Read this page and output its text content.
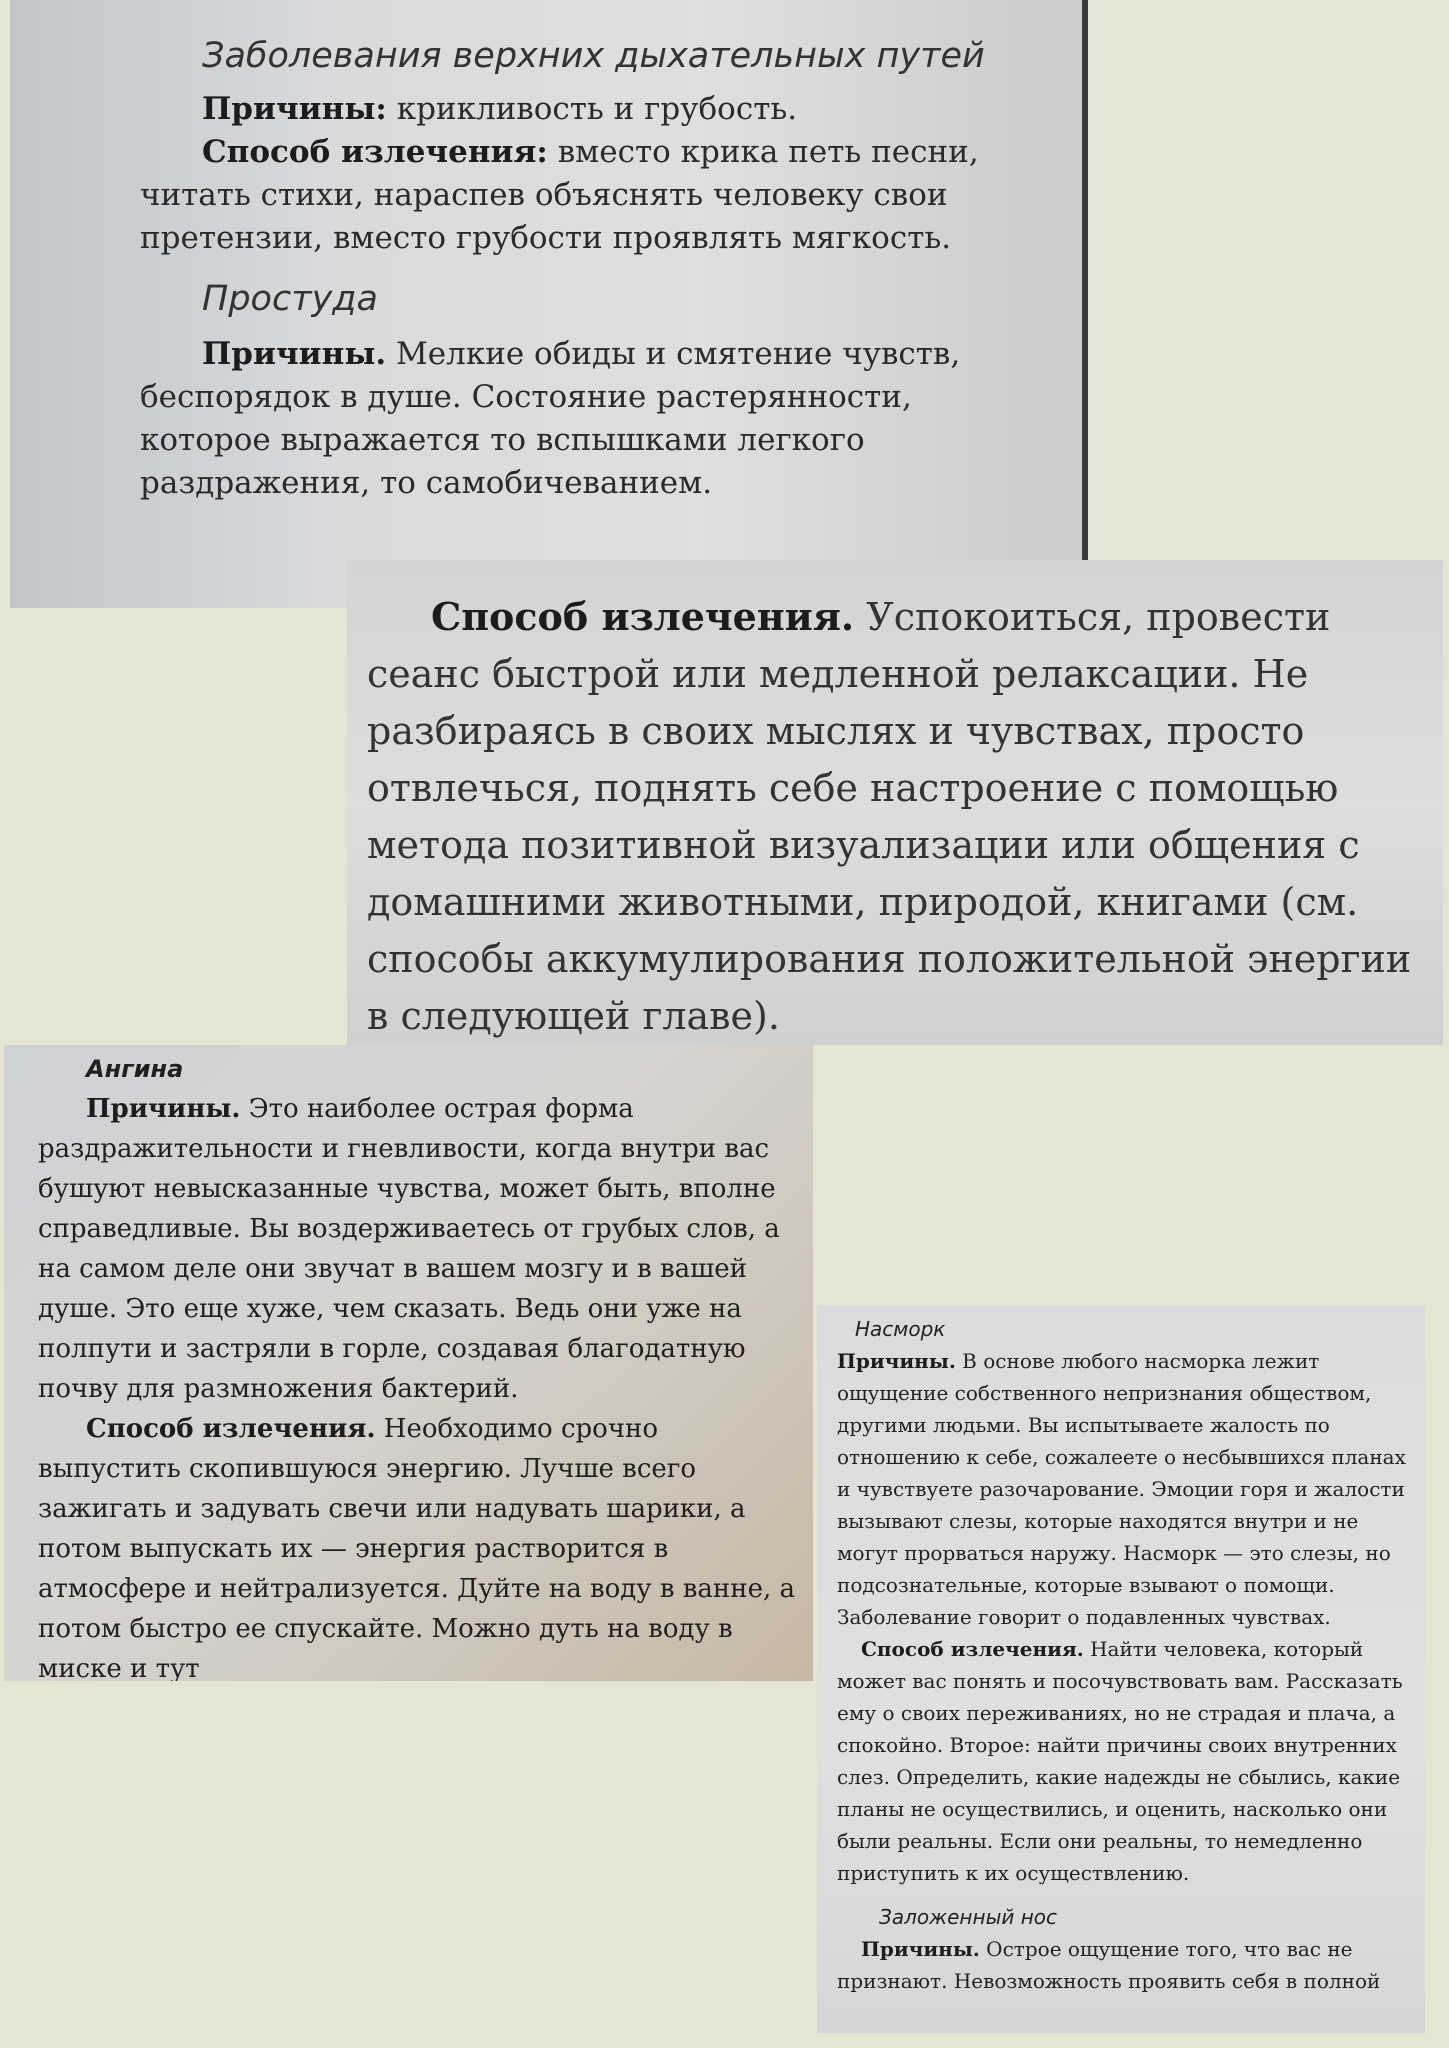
Заболевания верхних дыхательных путей

Причины: крикливость и грубость.

Способ излечения: вместо крика петь песни, читать стихи, нараспев объяснять человеку свои претензии, вместо грубости проявлять мягкость.

Простуда

Причины. Мелкие обиды и смятение чувств, беспорядок в душе. Состояние растерянности, которое выражается то вспышками легкого раздражения, то самобичеванием.

Способ излечения. Успокоиться, провести сеанс быстрой или медленной релаксации. Не разбираясь в своих мыслях и чувствах, просто отвлечься, поднять себе настроение с помощью метода позитивной визуализации или общения с домашними животными, природой, книгами (см. способы аккумулирования положительной энергии в следующей главе).

Ангина

Причины. Это наиболее острая форма раздражительности и гневливости, когда внутри вас бушуют невысказанные чувства, может быть, вполне справедливые. Вы воздерживаетесь от грубых слов, а на самом деле они звучат в вашем мозгу и в вашей душе. Это еще хуже, чем сказать. Ведь они уже на полпути и застряли в горле, создавая благодатную почву для размножения бактерий.

Способ излечения. Необходимо срочно выпустить скопившуюся энергию. Лучше всего зажигать и задувать свечи или надувать шарики, а потом выпускать их — энергия растворится в атмосфере и нейтрализуется. Дуйте на воду в ванне, а потом быстро ее спускайте. Можно дуть на воду в миске и тут

Насморк

Причины. В основе любого насморка лежит ощущение собственного непризнания обществом, другими людьми. Вы испытываете жалость по отношению к себе, сожалеете о несбывшихся планах и чувствуете разочарование. Эмоции горя и жалости вызывают слезы, которые находятся внутри и не могут прорваться наружу. Насморк — это слезы, но подсознательные, которые взывают о помощи. Заболевание говорит о подавленных чувствах.

Способ излечения. Найти человека, который может вас понять и посочувствовать вам. Рассказать ему о своих переживаниях, но не страдая и плача, а спокойно. Второе: найти причины своих внутренних слез. Определить, какие надежды не сбылись, какие планы не осуществились, и оценить, насколько они были реальны. Если они реальны, то немедленно приступить к их осуществлению.

Заложенный нос

Причины. Острое ощущение того, что вас не признают. Невозможность проявить себя в полной
